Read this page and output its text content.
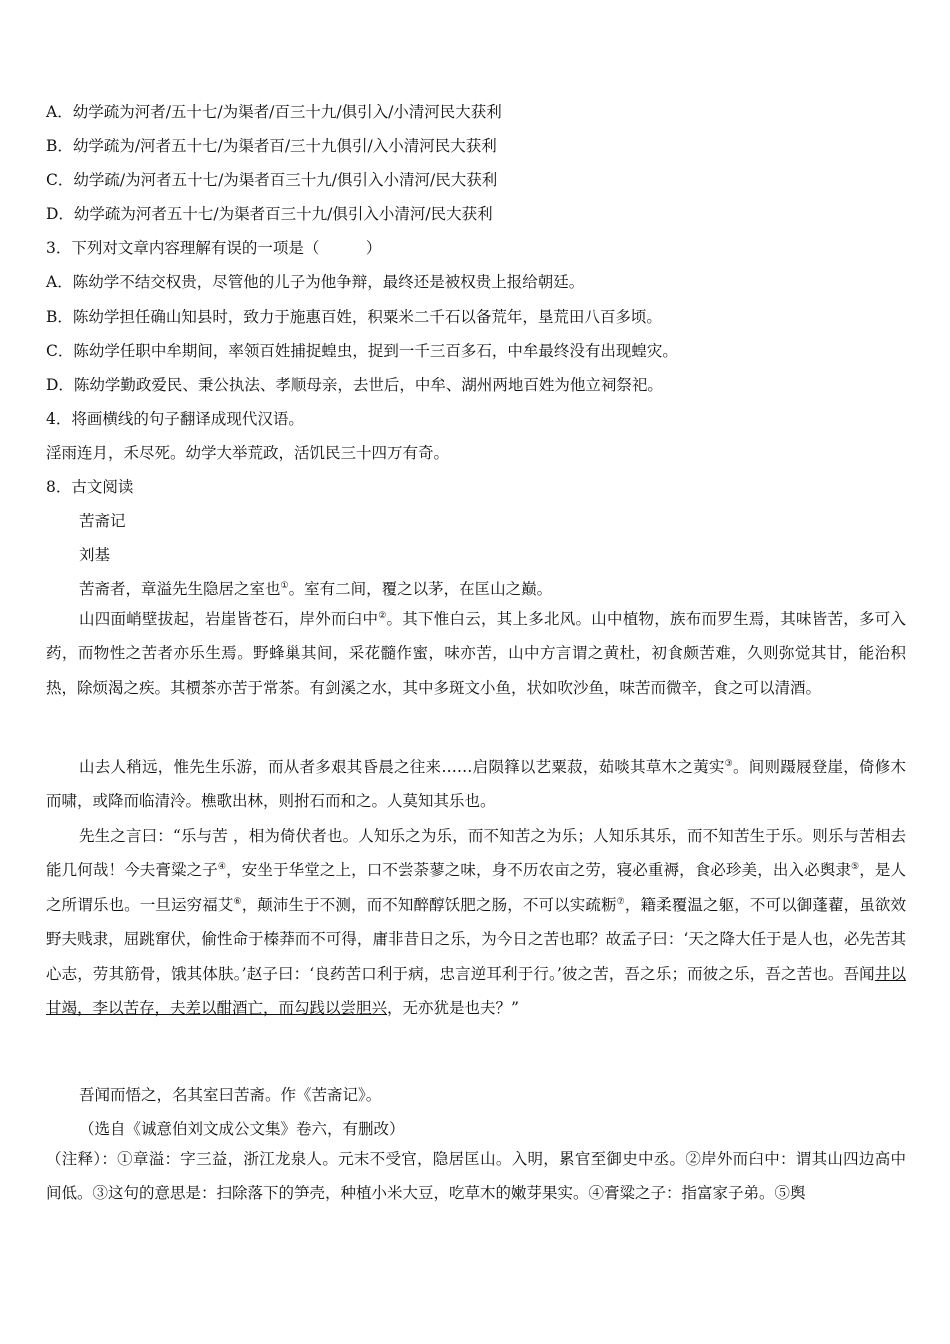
A．幼学疏为河者/五十七/为渠者/百三十九/俱引入/小清河民大获利
B．幼学疏为/河者五十七/为渠者百/三十九俱引/入小清河民大获利
C．幼学疏/为河者五十七/为渠者百三十九/俱引入小清河/民大获利
D．幼学疏为河者五十七/为渠者百三十九/俱引入小清河/民大获利
3．下列对文章内容理解有误的一项是（　　　）
A．陈幼学不结交权贵，尽管他的儿子为他争辩，最终还是被权贵上报给朝廷。
B．陈幼学担任确山知县时，致力于施惠百姓，积粟米二千石以备荒年，垦荒田八百多顷。
C．陈幼学任职中牟期间，率领百姓捕捉蝗虫，捉到一千三百多石，中牟最终没有出现蝗灾。
D．陈幼学勤政爱民、秉公执法、孝顺母亲，去世后，中牟、湖州两地百姓为他立祠祭祀。
4．将画横线的句子翻译成现代汉语。
淫雨连月，禾尽死。幼学大举荒政，活饥民三十四万有奇。
8．古文阅读
苦斋记
刘基
苦斋者，章溢先生隐居之室也①。室有二间，覆之以茅，在匡山之巅。
山四面峭壁拔起，岩崖皆苍石，岸外而臼中②。其下惟白云，其上多北风。山中植物，族布而罗生焉，其味皆苦，多可入药，而物性之苦者亦乐生焉。野蜂巢其间，采花髓作蜜，味亦苦，山中方言谓之黄杜，初食颇苦难，久则弥觉其甘，能治积热，除烦渴之疾。其槚茶亦苦于常茶。有剑溪之水，其中多斑文小鱼，状如吹沙鱼，味苦而微辛，食之可以清酒。
山去人稍远，惟先生乐游，而从者多艰其昏晨之往来……启陨箨以艺粟菽，茹啖其草木之荑实③。间则蹑屐登崖，倚修木而啸，或降而临清泠。樵歌出林，则拊石而和之。人莫知其乐也。
先生之言曰：“乐与苦 ，相为倚伏者也。人知乐之为乐，而不知苦之为乐；人知乐其乐，而不知苦生于乐。则乐与苦相去能几何哉！今夫膏粱之子④，安坐于华堂之上，口不尝荼蓼之味，身不历农亩之劳，寝必重褥，食必珍美，出入必舆隶⑤，是人之所谓乐也。一旦运穷福艾⑥，颠沛生于不测，而不知醉醇饫肥之肠，不可以实疏粝⑦，籍柔覆温之躯，不可以御蓬藋，虽欲效野夫贱隶，屈跳窜伏，偷性命于榛莽而不可得，庸非昔日之乐，为今日之苦也耶？故孟子曰：‘天之降大任于是人也，必先苦其心志，劳其筋骨，饿其体肤。’赵子曰：‘良药苦口利于病，忠言逆耳利于行。’彼之苦，吾之乐；而彼之乐，吾之苦也。吾闻井以甘竭，李以苦存，夫差以酣酒亡，而勾践以尝胆兴，无亦犹是也夫？”
吾闻而悟之，名其室曰苦斋。作《苦斋记》。
（选自《诚意伯刘文成公文集》卷六，有删改）
（注释）：①章溢：字三益，浙江龙泉人。元末不受官，隐居匡山。入明，累官至御史中丞。②岸外而臼中：谓其山四边高中间低。③这句的意思是：扫除落下的笋壳，种植小米大豆，吃草木的嫩芽果实。④膏粱之子：指富家子弟。⑤舆
